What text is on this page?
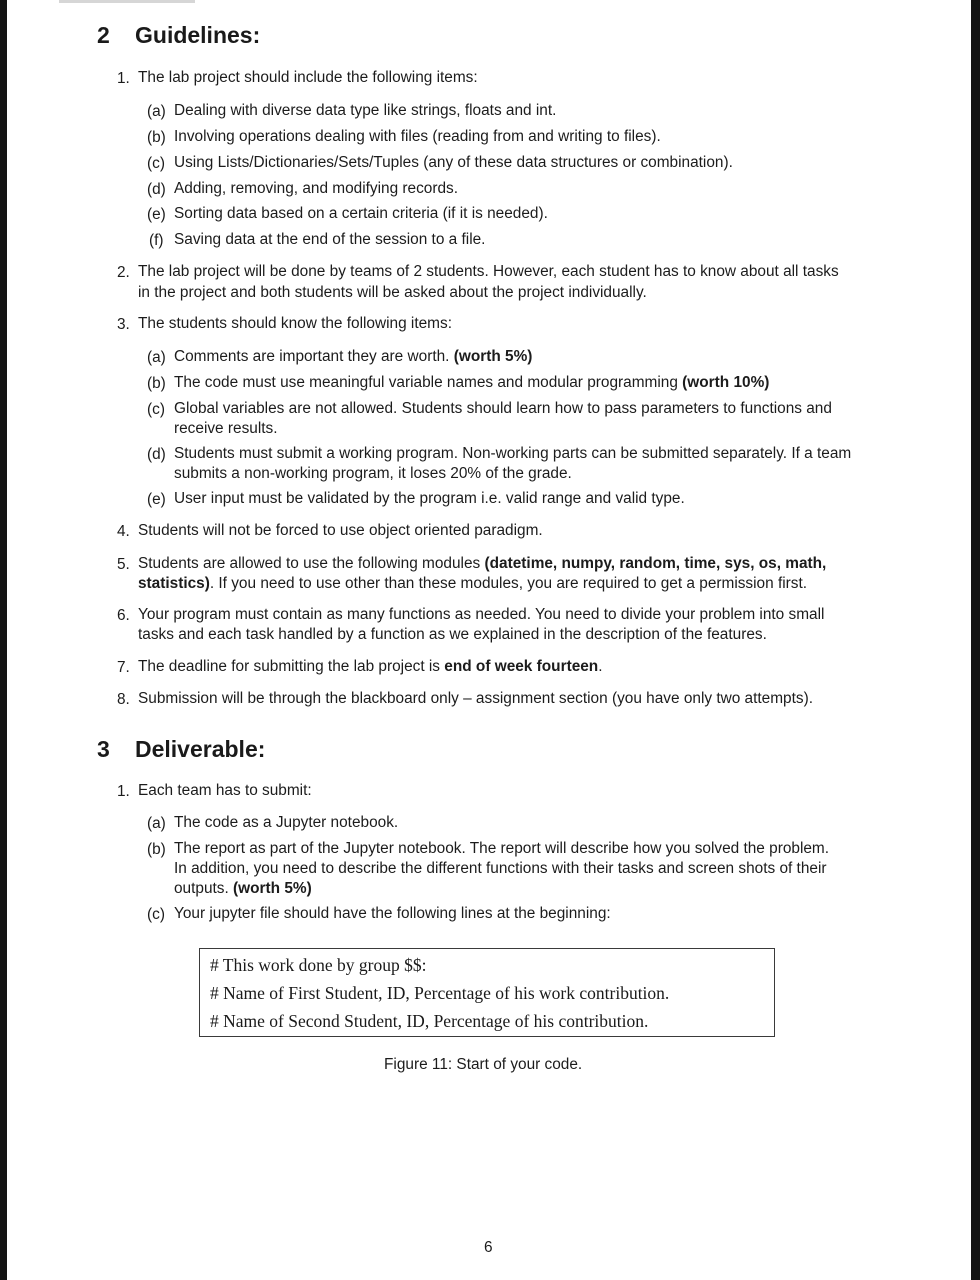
2 Guidelines:
1. The lab project should include the following items:
(a) Dealing with diverse data type like strings, floats and int.
(b) Involving operations dealing with files (reading from and writing to files).
(c) Using Lists/Dictionaries/Sets/Tuples (any of these data structures or combination).
(d) Adding, removing, and modifying records.
(e) Sorting data based on a certain criteria (if it is needed).
(f) Saving data at the end of the session to a file.
2. The lab project will be done by teams of 2 students. However, each student has to know about all tasks
in the project and both students will be asked about the project individually.
3. The students should know the following items:
(a) Comments are important they are worth. (worth 5%)
(b) The code must use meaningful variable names and modular programming (worth 10%)
(c) Global variables are not allowed. Students should learn how to pass parameters to functions and
receive results.
(d) Students must submit a working program. Non-working parts can be submitted separately. If a team
submits a non-working program, it loses 20% of the grade.
(e) User input must be validated by the program i.e. valid range and valid type.
4. Students will not be forced to use object oriented paradigm.
5. Students are allowed to use the following modules (datetime, numpy, random, time, sys, os, math,
statistics). If you need to use other than these modules, you are required to get a permission first.
6. Your program must contain as many functions as needed. You need to divide your problem into small
tasks and each task handled by a function as we explained in the description of the features.
7. The deadline for submitting the lab project is end of week fourteen.
8. Submission will be through the blackboard only – assignment section (you have only two attempts).
3 Deliverable:
1. Each team has to submit:
(a) The code as a Jupyter notebook.
(b) The report as part of the Jupyter notebook. The report will describe how you solved the problem.
In addition, you need to describe the different functions with their tasks and screen shots of their
outputs. (worth 5%)
(c) Your jupyter file should have the following lines at the beginning:
# This work done by group $$:
# Name of First Student, ID, Percentage of his work contribution.
# Name of Second Student, ID, Percentage of his contribution.
Figure 11: Start of your code.
6
